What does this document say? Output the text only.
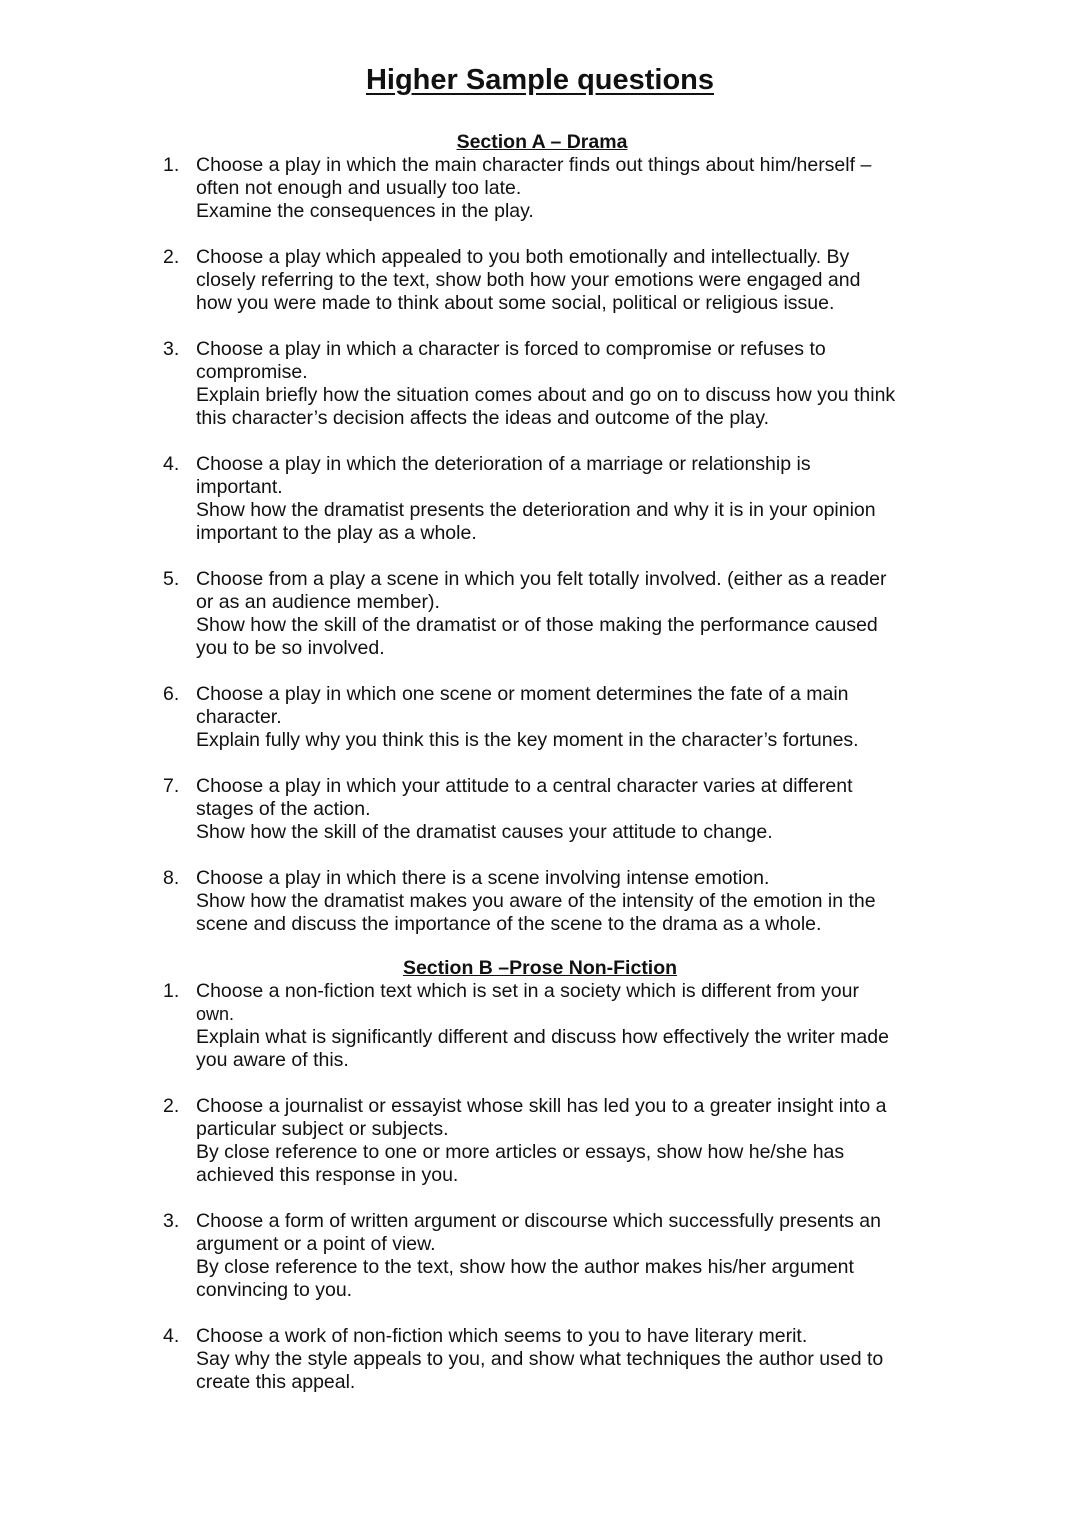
Higher Sample questions
Section A – Drama
1. Choose a play in which the main character finds out things about him/herself –
often not enough and usually too late.
Examine the consequences in the play.
2. Choose a play which appealed to you both emotionally and intellectually. By
closely referring to the text, show both how your emotions were engaged and
how you were made to think about some social, political or religious issue.
3. Choose a play in which a character is forced to compromise or refuses to
compromise.
Explain briefly how the situation comes about and go on to discuss how you think
this character’s decision affects the ideas and outcome of the play.
4. Choose a play in which the deterioration of a marriage or relationship is
important.
Show how the dramatist presents the deterioration and why it is in your opinion
important to the play as a whole.
5. Choose from a play a scene in which you felt totally involved. (either as a reader
or as an audience member).
Show how the skill of the dramatist or of those making the performance caused
you to be so involved.
6. Choose a play in which one scene or moment determines the fate of a main
character.
Explain fully why you think this is the key moment in the character’s fortunes.
7. Choose a play in which your attitude to a central character varies at different
stages of the action.
Show how the skill of the dramatist causes your attitude to change.
8. Choose a play in which there is a scene involving intense emotion.
Show how the dramatist makes you aware of the intensity of the emotion in the
scene and discuss the importance of the scene to the drama as a whole.
Section B –Prose Non-Fiction
1. Choose a non-fiction text which is set in a society which is different from your
own.
Explain what is significantly different and discuss how effectively the writer made
you aware of this.
2. Choose a journalist or essayist whose skill has led you to a greater insight into a
particular subject or subjects.
By close reference to one or more articles or essays, show how he/she has
achieved this response in you.
3. Choose a form of written argument or discourse which successfully presents an
argument or a point of view.
By close reference to the text, show how the author makes his/her argument
convincing to you.
4. Choose a work of non-fiction which seems to you to have literary merit.
Say why the style appeals to you, and show what techniques the author used to
create this appeal.
